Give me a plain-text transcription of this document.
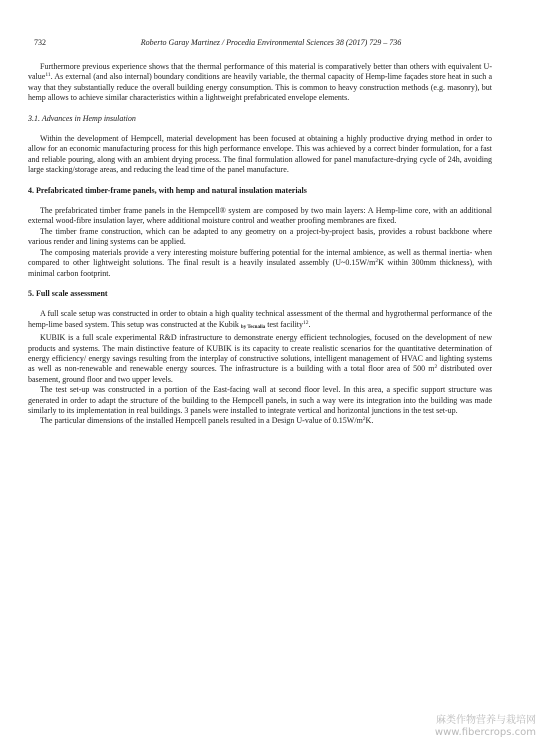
732	Roberto Garay Martinez / Procedia Environmental Sciences 38 (2017) 729 – 736

Furthermore previous experience shows that the thermal performance of this material is comparatively better than others with equivalent U-value$^{11}$. As external (and also internal) boundary conditions are heavily variable, the thermal capacity of Hemp-lime façades store heat in such a way that they substantially reduce the overall building energy consumption. This is common to heavy construction methods (e.g. masonry), but hemp allows to achieve similar characteristics within a lightweight prefabricated envelope elements.

3.1. Advances in Hemp insulation

Within the development of Hempcell, material development has been focused at obtaining a highly productive drying method in order to allow for an economic manufacturing process for this high performance envelope. This was achieved by a correct binder formulation, for a fast and reliable pouring, along with an ambient drying process. The final formulation allowed for panel manufacture-drying cycle of 24h, avoiding large stacking/storage areas, and reducing the lead time of the panel manufacture.

4. Prefabricated timber-frame panels, with hemp and natural insulation materials

The prefabricated timber frame panels in the Hempcell® system are composed by two main layers: A Hemp-lime core, with an additional external wood-fibre insulation layer, where additional moisture control and weather proofing membranes are fixed.

The timber frame construction, which can be adapted to any geometry on a project-by-project basis, provides a robust backbone where various render and lining systems can be applied.

The composing materials provide a very interesting moisture buffering potential for the internal ambience, as well as thermal inertia- when compared to other lightweight solutions. The final result is a heavily insulated assembly ($U\sim 0.15W/m^2K$ within 300mm thickness), with minimal carbon footprint.

5. Full scale assessment

A full scale setup was constructed in order to obtain a high quality technical assessment of the thermal and hygrothermal performance of the hemp-lime based system. This setup was constructed at the Kubik by Tecnalia test facility$^{12}$.

KUBIK is a full scale experimental R&D infrastructure to demonstrate energy efficient technologies, focused on the development of new products and systems. The main distinctive feature of KUBIK is its capacity to create realistic scenarios for the quantitative determination of energy efficiency/ energy savings resulting from the interplay of constructive solutions, intelligent management of HVAC and lighting systems as well as non-renewable and renewable energy sources. The infrastructure is a building with a total floor area of 500 $m^2$ distributed over basement, ground floor and two upper levels.

The test set-up was constructed in a portion of the East-facing wall at second floor level. In this area, a specific support structure was generated in order to adapt the structure of the building to the Hempcell panels, in such a way were its integration into the building was made similarly to its implementation in real buildings. 3 panels were installed to integrate vertical and horizontal junctions in the test set-up.

The particular dimensions of the installed Hempcell panels resulted in a Design U-value of $0.15W/m^2K$.

麻类作物营养与栽培网
www.fibercrops.com
